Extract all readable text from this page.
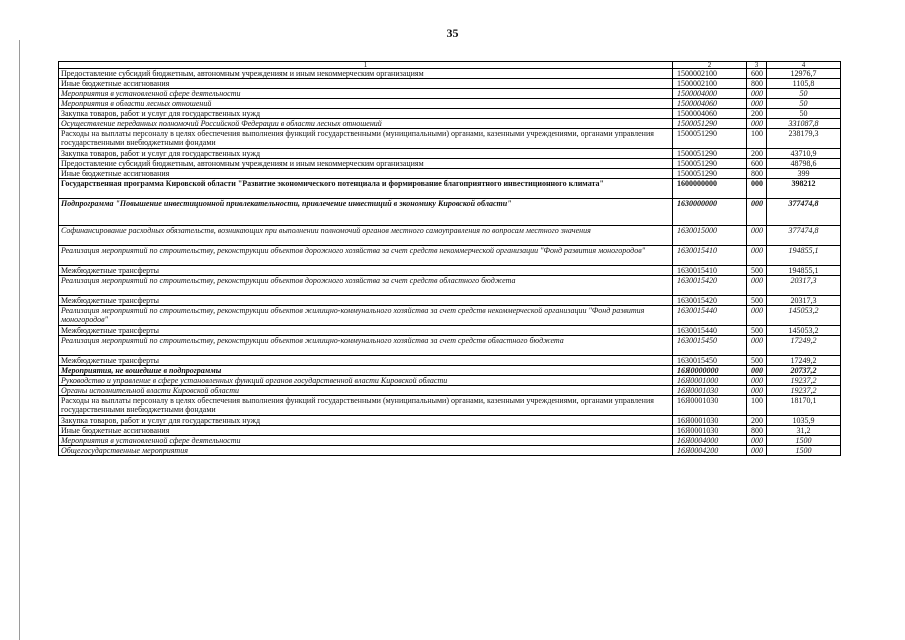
35
1	2	3	4
Предоставление субсидий бюджетным, автономным учреждениям и иным некоммерческим организациям	1500002100	600	12976,7
Иные бюджетные ассигнования	1500002100	800	1105,8
Мероприятия в установленной сфере деятельности	1500004000	000	50
Мероприятия в области лесных отношений	1500004060	000	50
Закупка товаров, работ и услуг для государственных нужд	1500004060	200	50
Осуществление переданных полномочий Российской Федерации в области лесных отношений	1500051290	000	331087,8
Расходы на выплаты персоналу в целях обеспечения выполнения функций государственными (муниципальными) органами, казенными учреждениями, органами управления государственными внебюджетными фондами	1500051290	100	238179,3
Закупка товаров, работ и услуг для государственных нужд	1500051290	200	43710,9
Предоставление субсидий бюджетным, автономным учреждениям и иным некоммерческим организациям	1500051290	600	48798,6
Иные бюджетные ассигнования	1500051290	800	399
Государственная программа Кировской области "Развитие экономического потенциала и формирование благоприятного инвестиционного климата"	1600000000	000	398212
Подпрограмма "Повышение инвестиционной привлекательности, привлечение инвестиций в экономику Кировской области"	1630000000	000	377474,8
Софинансирование расходных обязательств, возникающих при выполнении полномочий органов местного самоуправления по вопросам местного значения	1630015000	000	377474,8
Реализация мероприятий по строительству, реконструкции объектов дорожного хозяйства за счет средств некоммерческой организации "Фонд развития моногородов"	1630015410	000	194855,1
Межбюджетные трансферты	1630015410	500	194855,1
Реализация мероприятий по строительству, реконструкции объектов дорожного хозяйства за счет средств областного бюджета	1630015420	000	20317,3
Межбюджетные трансферты	1630015420	500	20317,3
Реализация мероприятий по строительству, реконструкции объектов жилищно-коммунального хозяйства за счет средств некоммерческой организации "Фонд развития моногородов"	1630015440	000	145053,2
Межбюджетные трансферты	1630015440	500	145053,2
Реализация мероприятий по строительству, реконструкции объектов жилищно-коммунального хозяйства за счет средств областного бюджета	1630015450	000	17249,2
Межбюджетные трансферты	1630015450	500	17249,2
Мероприятия, не вошедшие в подпрограммы	16Я0000000	000	20737,2
Руководство и управление в сфере установленных функций органов государственной власти Кировской области	16Я0001000	000	19237,2
Органы исполнительной власти Кировской области	16Я0001030	000	19237,2
Расходы на выплаты персоналу в целях обеспечения выполнения функций государственными (муниципальными) органами, казенными учреждениями, органами управления государственными внебюджетными фондами	16Я0001030	100	18170,1
Закупка товаров, работ и услуг для государственных нужд	16Я0001030	200	1035,9
Иные бюджетные ассигнования	16Я0001030	800	31,2
Мероприятия в установленной сфере деятельности	16Я0004000	000	1500
Общегосударственные мероприятия	16Я0004200	000	1500
